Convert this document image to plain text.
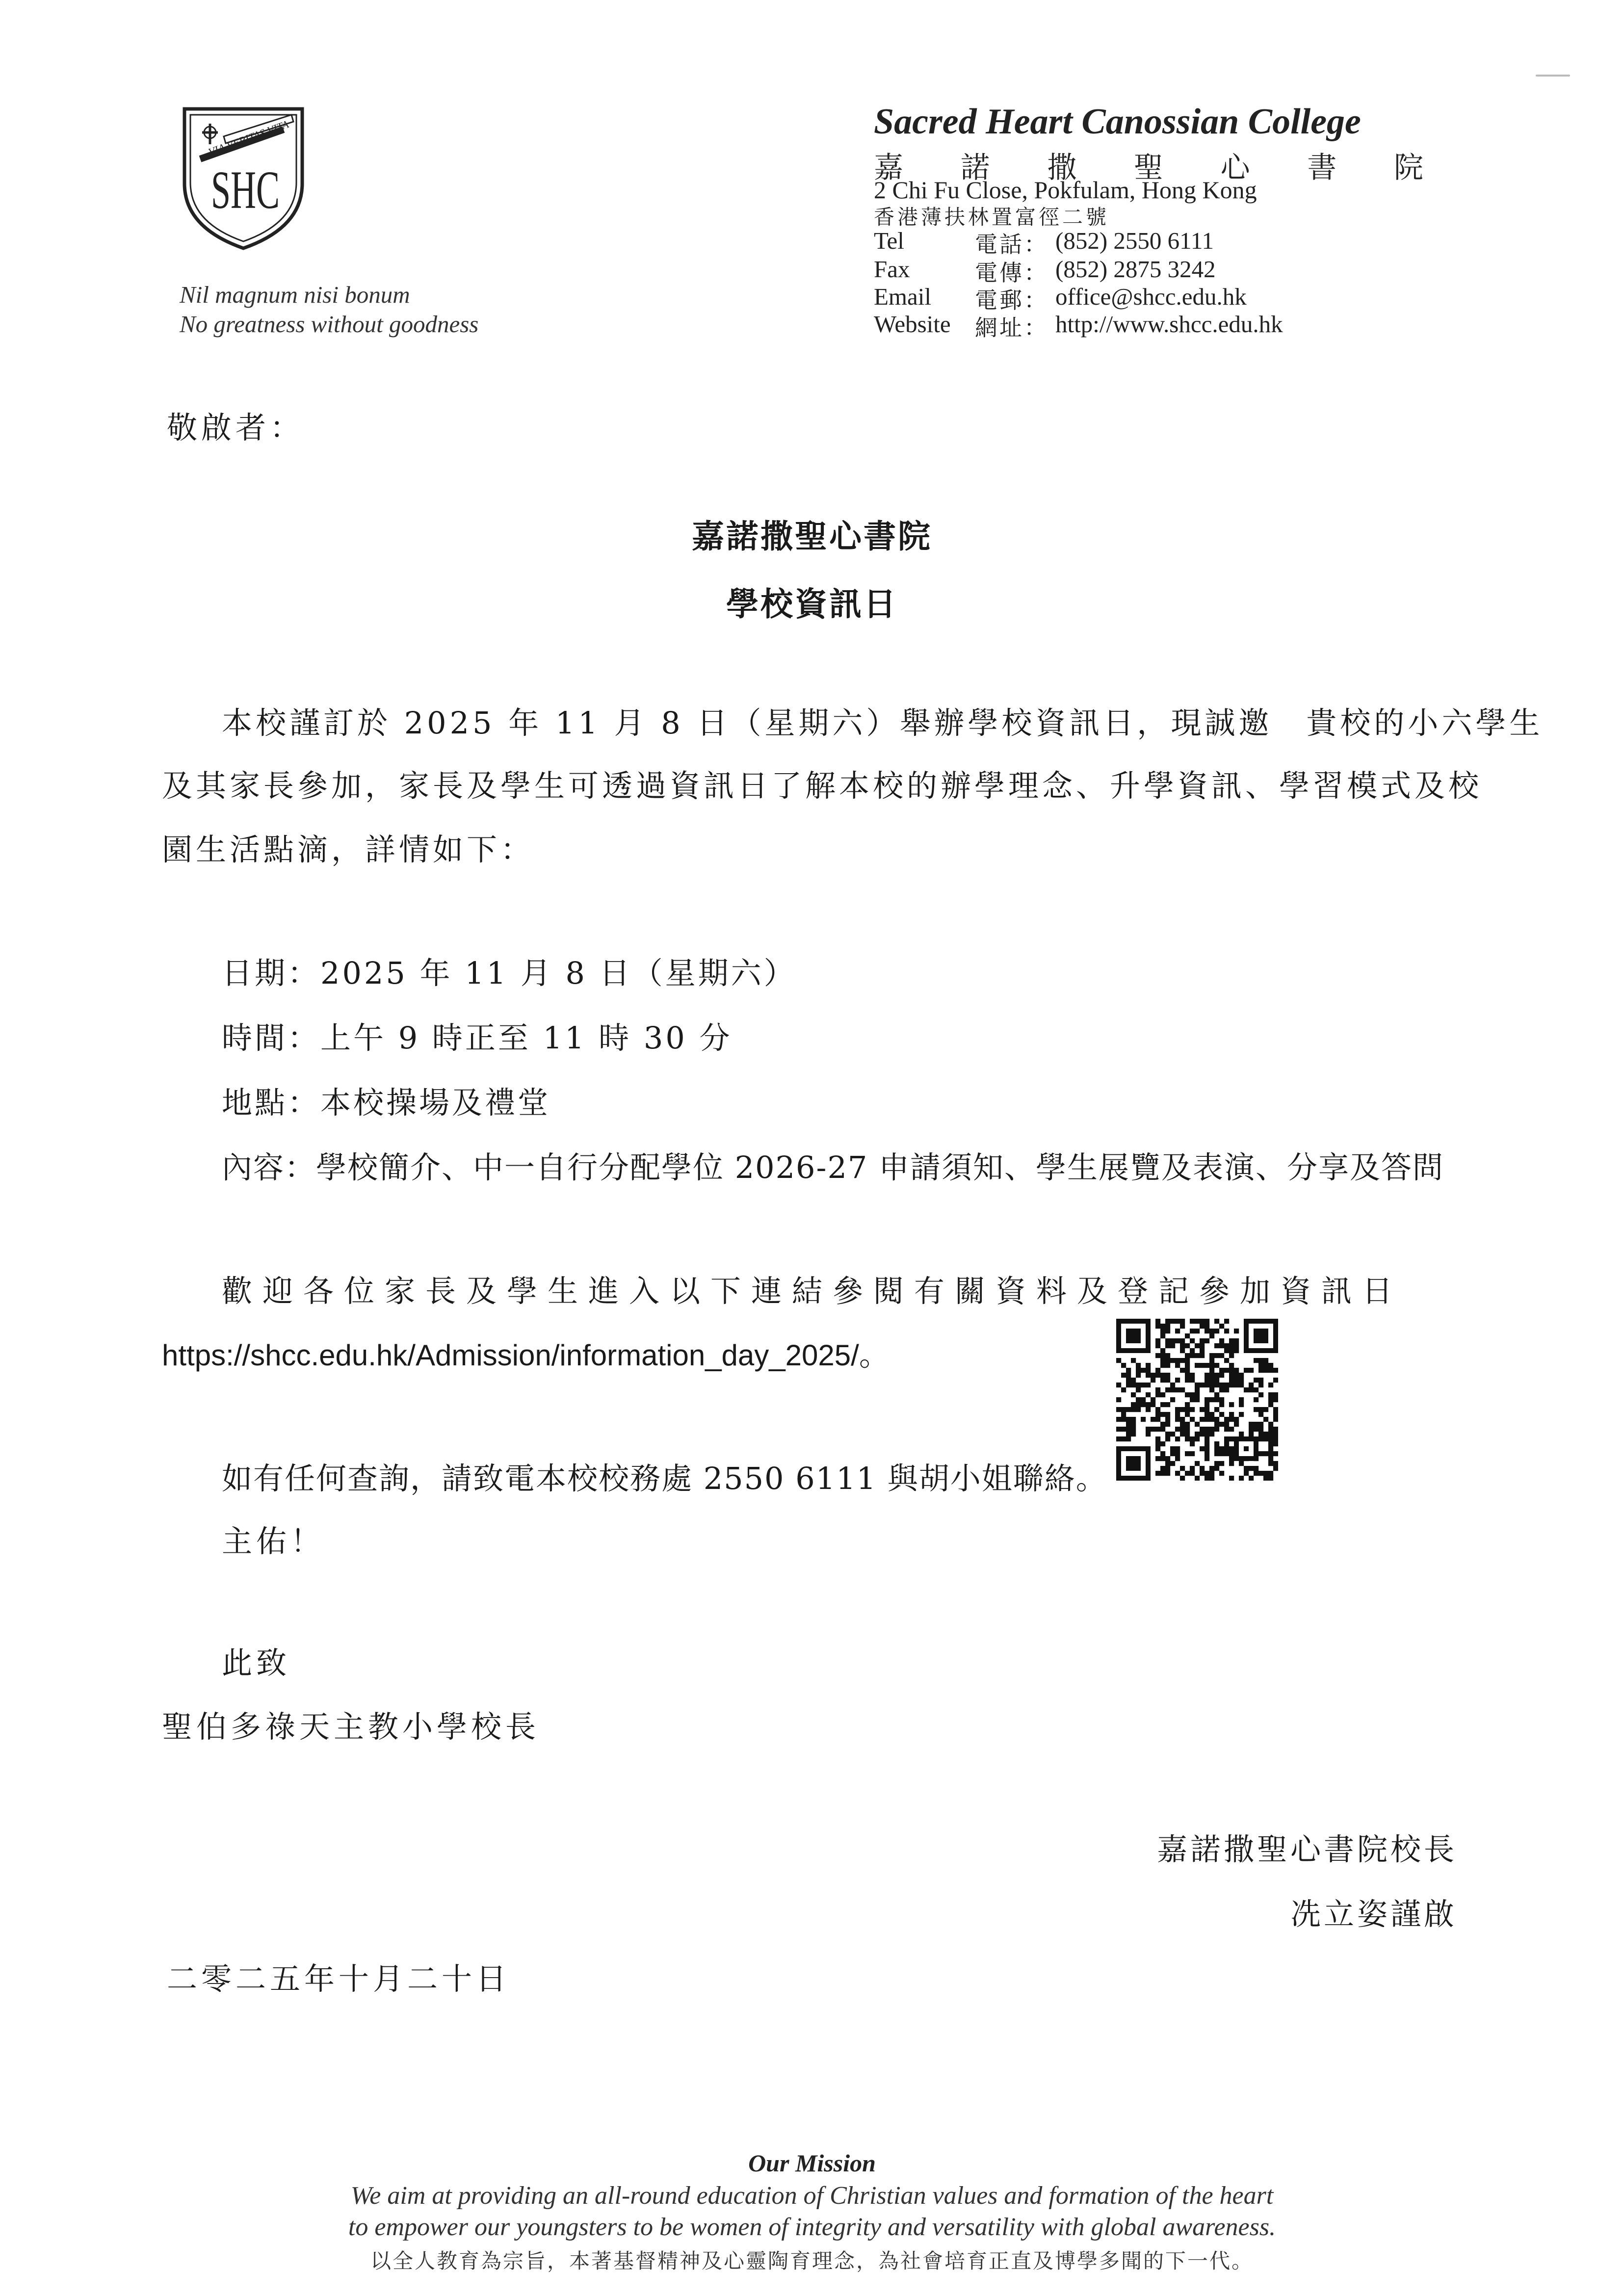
VIA VERITAS VITA
SHC
Nil magnum nisi bonum
No greatness without goodness
Sacred Heart Canossian College
嘉 諾 撒 聖 心 書 院
2 Chi Fu Close, Pokfulam, Hong Kong
香港薄扶林置富徑二號
Tel	電話： (852) 2550 6111
Fax	電傳： (852) 2875 3242
Email 電郵： office@shcc.edu.hk
Website 網址： http://www.shcc.edu.hk
敬啟者：
嘉諾撒聖心書院
學校資訊日
本校謹訂於 2025 年 11 月 8 日（星期六）舉辦學校資訊日，現誠邀　貴校的小六學生
及其家長參加，家長及學生可透過資訊日了解本校的辦學理念、升學資訊、學習模式及校
園生活點滴，詳情如下：
日期：2025 年 11 月 8 日（星期六）
時間：上午 9 時正至 11 時 30 分
地點：本校操場及禮堂
內容：學校簡介、中一自行分配學位 2026-27 申請須知、學生展覽及表演、分享及答問
歡迎各位家長及學生進入以下連結參閱有關資料及登記參加資訊日
https://shcc.edu.hk/Admission/information_day_2025/。
如有任何查詢，請致電本校校務處 2550 6111 與胡小姐聯絡。
主佑！
此致
聖伯多祿天主教小學校長
嘉諾撒聖心書院校長
冼立姿謹啟
二零二五年十月二十日
Our Mission
We aim at providing an all-round education of Christian values and formation of the heart
to empower our youngsters to be women of integrity and versatility with global awareness.
以全人教育為宗旨，本著基督精神及心靈陶育理念，為社會培育正直及博學多聞的下一代。
